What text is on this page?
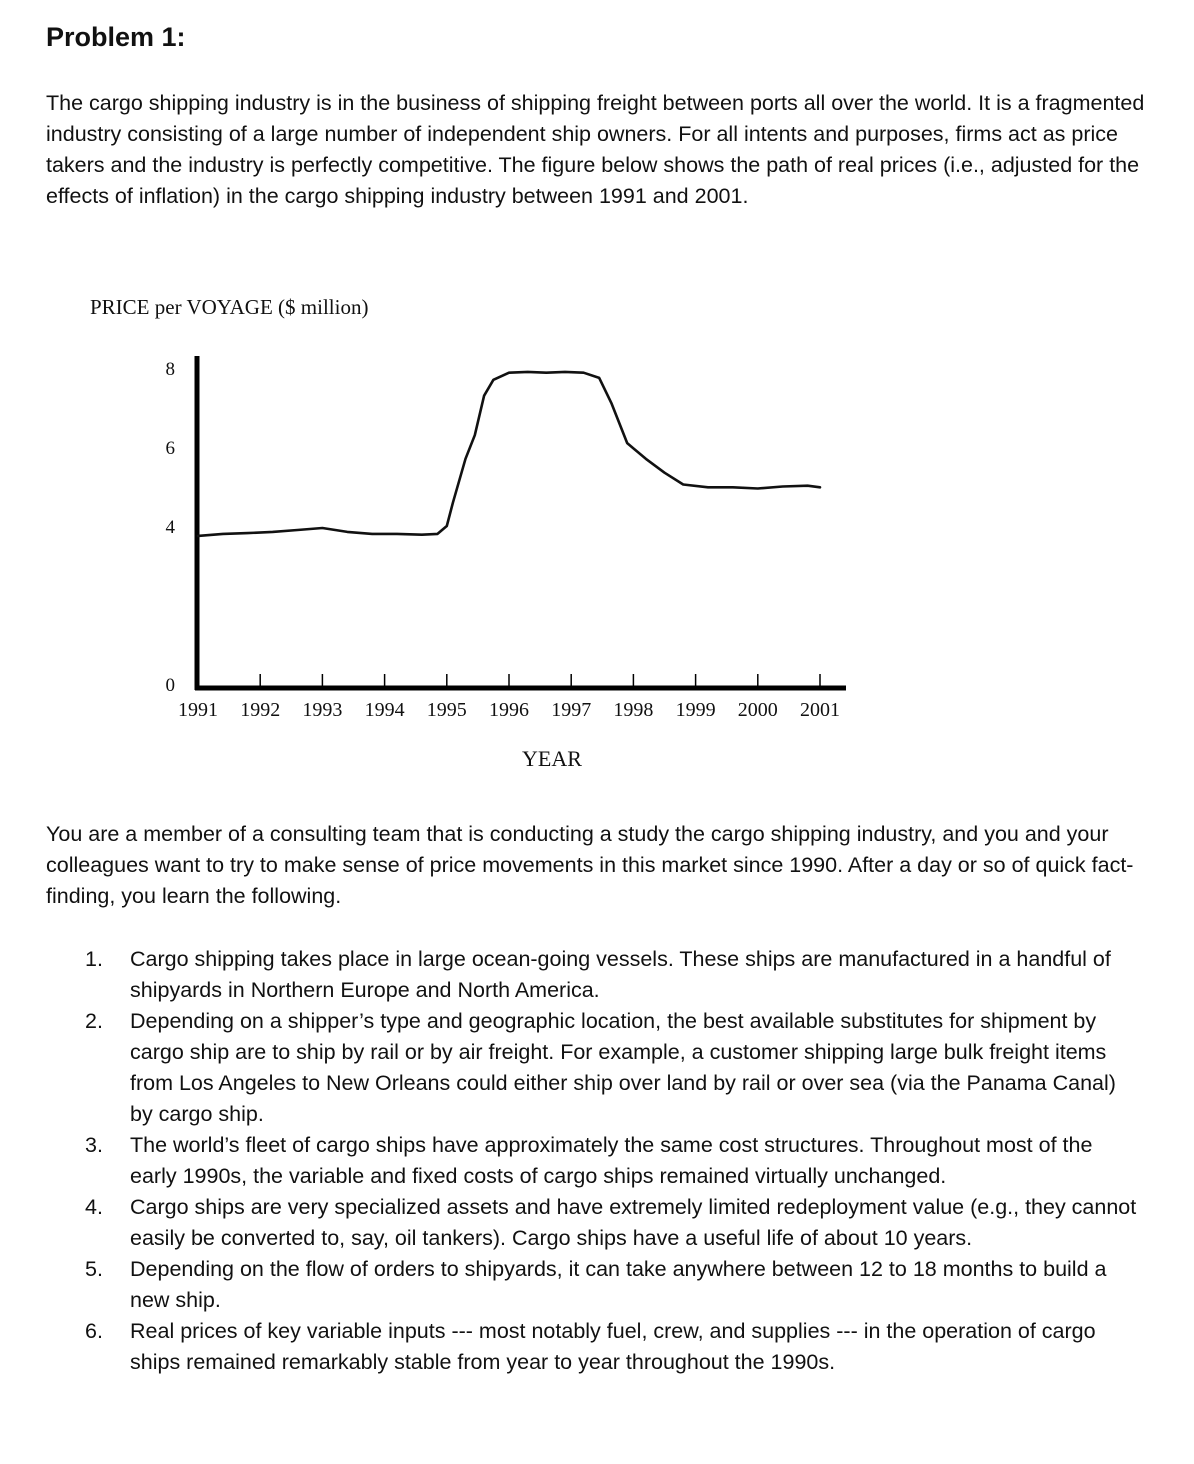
Problem 1:

The cargo shipping industry is in the business of shipping freight between ports all over the world. It is a fragmented industry consisting of a large number of independent ship owners. For all intents and purposes, firms act as price takers and the industry is perfectly competitive. The figure below shows the path of real prices (i.e., adjusted for the effects of inflation) in the cargo shipping industry between 1991 and 2001.

PRICE per VOYAGE ($ million)
0
4
6
8
1991 1992 1993 1994 1995 1996 1997 1998 1999 2000 2001
YEAR

You are a member of a consulting team that is conducting a study the cargo shipping industry, and you and your colleagues want to try to make sense of price movements in this market since 1990. After a day or so of quick fact-finding, you learn the following.

1. Cargo shipping takes place in large ocean-going vessels. These ships are manufactured in a handful of shipyards in Northern Europe and North America.
2. Depending on a shipper’s type and geographic location, the best available substitutes for shipment by cargo ship are to ship by rail or by air freight. For example, a customer shipping large bulk freight items from Los Angeles to New Orleans could either ship over land by rail or over sea (via the Panama Canal) by cargo ship.
3. The world’s fleet of cargo ships have approximately the same cost structures. Throughout most of the early 1990s, the variable and fixed costs of cargo ships remained virtually unchanged.
4. Cargo ships are very specialized assets and have extremely limited redeployment value (e.g., they cannot easily be converted to, say, oil tankers). Cargo ships have a useful life of about 10 years.
5. Depending on the flow of orders to shipyards, it can take anywhere between 12 to 18 months to build a new ship.
6. Real prices of key variable inputs --- most notably fuel, crew, and supplies --- in the operation of cargo ships remained remarkably stable from year to year throughout the 1990s.
